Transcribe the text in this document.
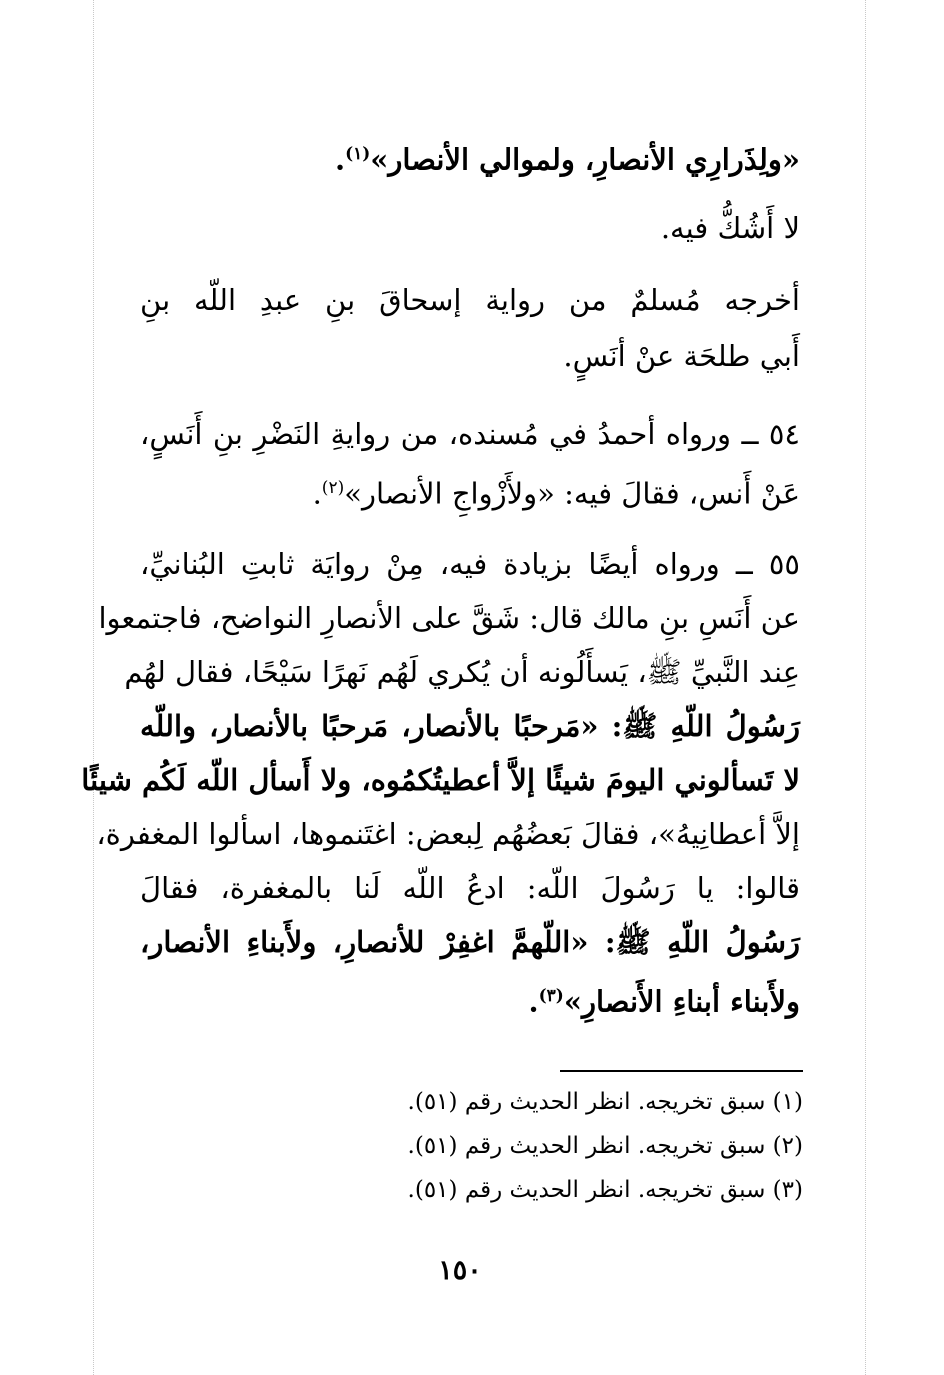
«ولِذَرارِي الأنصارِ، ولموالي الأنصار»$^{(١)}$.
لا أَشُكُّ فيه.
أخرجه مُسلمٌ من رواية إسحاقَ بنِ عبدِ اللّه بنِ
أَبي طلحَة عنْ أنَسٍ.
٥٤ ــ ورواه أحمدُ في مُسنده، من روايةِ النَضْرِ بنِ أَنَسٍ،
عَنْ أَنس، فقالَ فيه: «ولأَزْواجِ الأنصار»$^{(٢)}$.
٥٥ ــ ورواه أيضًا بزيادة فيه، مِنْ روايَة ثابتِ البُنانيِّ،
عن أَنَسِ بنِ مالك قال: شَقَّ على الأنصارِ النواضح، فاجتمعوا
عِند النَّبيِّ ﷺ، يَسأَلُونه أن يُكري لَهُم نَهرًا سَيْحًا، فقال لهُم
رَسُولُ اللّهِ ﷺ: «مَرحبًا بالأنصار، مَرحبًا بالأنصار، واللّه
لا تَسألوني اليومَ شيئًا إلاَّ أعطيتُكمُوه، ولا أَسأل اللّه لَكُم شيئًا
إلاَّ أعطانِيهُ»، فقالَ بَعضُهُم لِبعض: اغتَنموها، اسألوا المغفرة،
قالوا: يا رَسُولَ اللّه: ادعُ اللّه لَنا بالمغفرة، فقالَ
رَسُولُ اللّهِ ﷺ: «اللّهمَّ اغفِرْ للأنصارِ، ولأَبناءِ الأنصار،
ولأَبناء أبناءِ الأَنصارِ»$^{(٣)}$.
(١) سبق تخريجه. انظر الحديث رقم (٥١).
(٢) سبق تخريجه. انظر الحديث رقم (٥١).
(٣) سبق تخريجه. انظر الحديث رقم (٥١).
١٥٠
